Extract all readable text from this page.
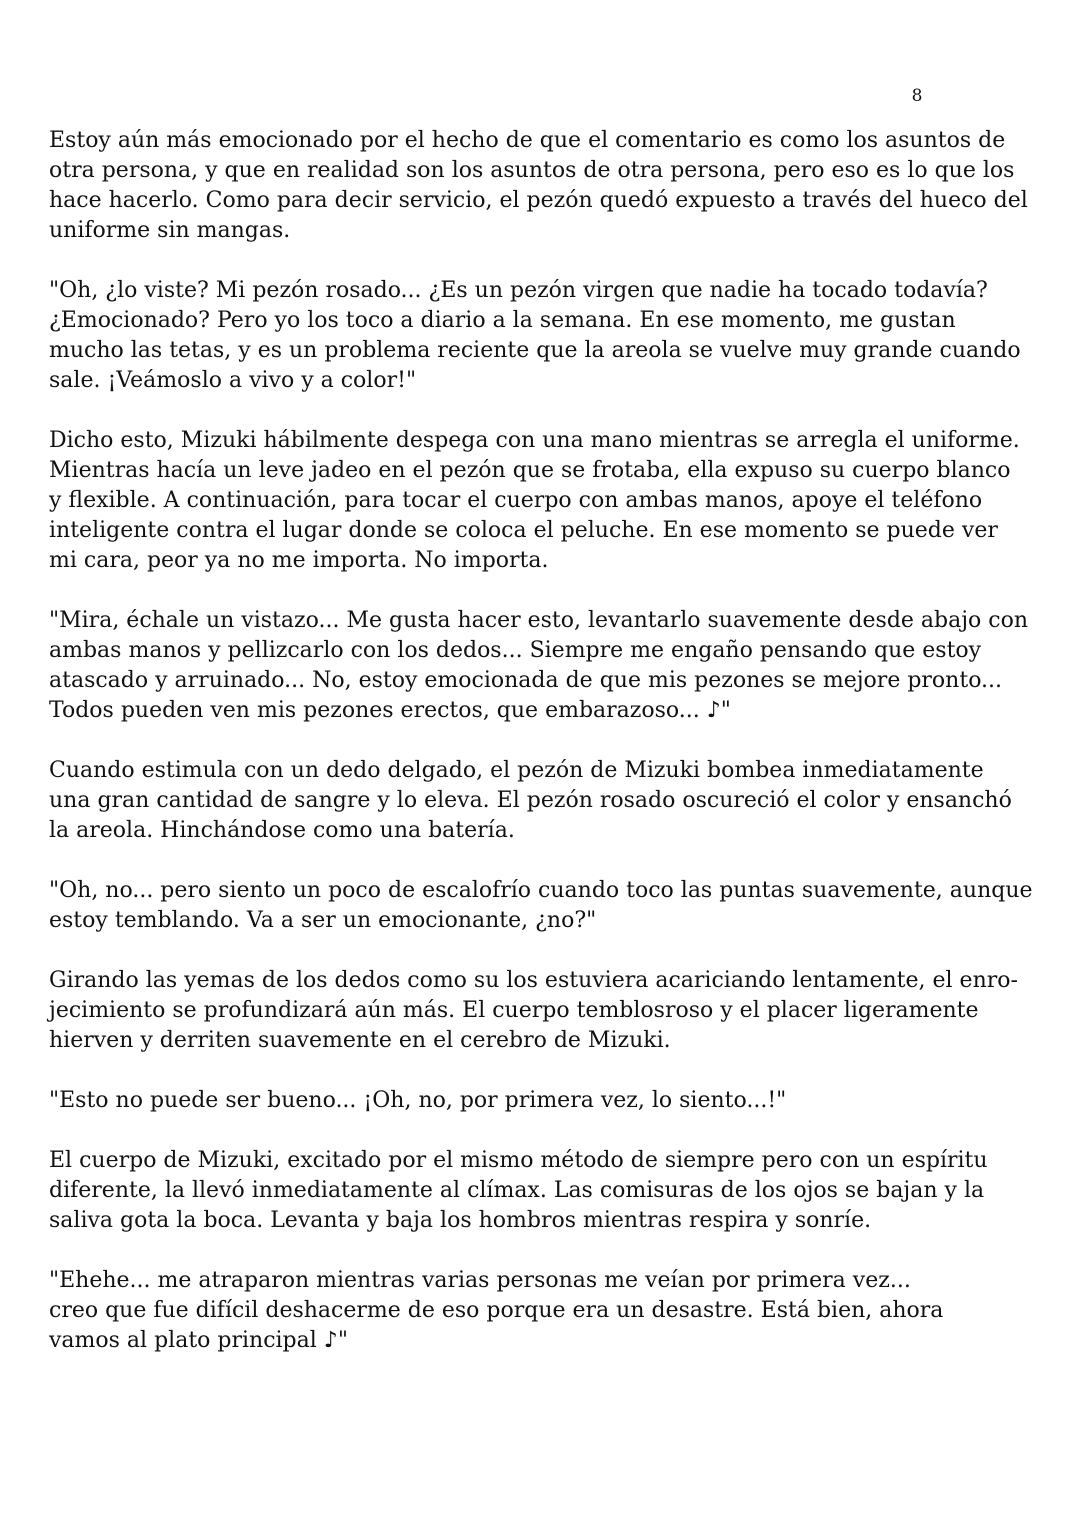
8

Estoy aún más emocionado por el hecho de que el comentario es como los asuntos de
otra persona, y que en realidad son los asuntos de otra persona, pero eso es lo que los
hace hacerlo. Como para decir servicio, el pezón quedó expuesto a través del hueco del
uniforme sin mangas.

"Oh, ¿lo viste? Mi pezón rosado... ¿Es un pezón virgen que nadie ha tocado todavía?
¿Emocionado? Pero yo los toco a diario a la semana. En ese momento, me gustan
mucho las tetas, y es un problema reciente que la areola se vuelve muy grande cuando
sale. ¡Veámoslo a vivo y a color!"

Dicho esto, Mizuki hábilmente despega con una mano mientras se arregla el uniforme.
Mientras hacía un leve jadeo en el pezón que se frotaba, ella expuso su cuerpo blanco
y flexible. A continuación, para tocar el cuerpo con ambas manos, apoye el teléfono
inteligente contra el lugar donde se coloca el peluche. En ese momento se puede ver
mi cara, peor ya no me importa. No importa.

"Mira, échale un vistazo... Me gusta hacer esto, levantarlo suavemente desde abajo con
ambas manos y pellizcarlo con los dedos... Siempre me engaño pensando que estoy
atascado y arruinado... No, estoy emocionada de que mis pezones se mejore pronto...
Todos pueden ven mis pezones erectos, que embarazoso... ♪"

Cuando estimula con un dedo delgado, el pezón de Mizuki bombea inmediatamente
una gran cantidad de sangre y lo eleva. El pezón rosado oscureció el color y ensanchó
la areola. Hinchándose como una batería.

"Oh, no... pero siento un poco de escalofrío cuando toco las puntas suavemente, aunque
estoy temblando. Va a ser un emocionante, ¿no?"

Girando las yemas de los dedos como su los estuviera acariciando lentamente, el enro-
jecimiento se profundizará aún más. El cuerpo temblosroso y el placer ligeramente
hierven y derriten suavemente en el cerebro de Mizuki.

"Esto no puede ser bueno... ¡Oh, no, por primera vez, lo siento...!"

El cuerpo de Mizuki, excitado por el mismo método de siempre pero con un espíritu
diferente, la llevó inmediatamente al clímax. Las comisuras de los ojos se bajan y la
saliva gota la boca. Levanta y baja los hombros mientras respira y sonríe.

"Ehehe... me atraparon mientras varias personas me veían por primera vez...
creo que fue difícil deshacerme de eso porque era un desastre. Está bien, ahora
vamos al plato principal ♪"
